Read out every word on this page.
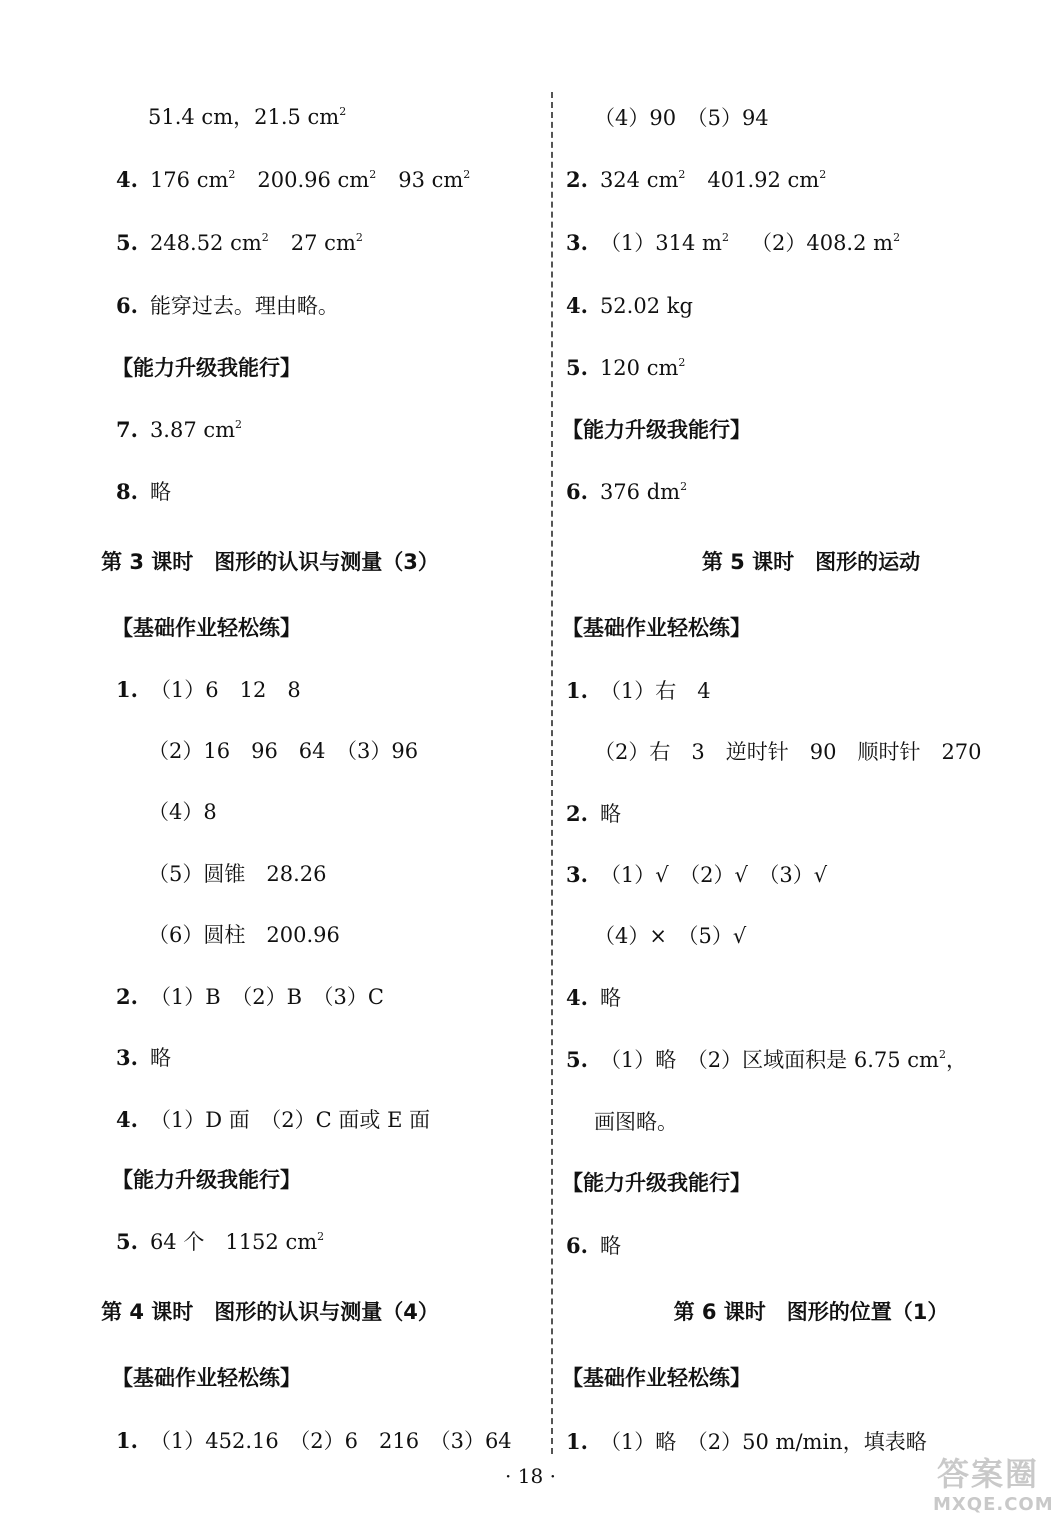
51.4 cm，21.5 $cm^2$
4. 176 $cm^2$ 200.96 $cm^2$ 93 $cm^2$
5. 248.52 $cm^2$ 27 $cm^2$
6. 能穿过去。理由略。
【能力升级我能行】
7. 3.87 $cm^2$
8. 略
第 3 课时　图形的认识与测量（3）
【基础作业轻松练】
1. （1）6　12　8
（2）16　96　64　（3）96
（4）8
（5）圆锥　28.26
（6）圆柱　200.96
2. （1）B　（2）B　（3）C
3. 略
4. （1）D 面　（2）C 面或 E 面
【能力升级我能行】
5. 64 个　1152 $cm^2$
第 4 课时　图形的认识与测量（4）
【基础作业轻松练】
1. （1）452.16　（2）6　216　（3）64
（4）90　（5）94
2. 324 $cm^2$ 401.92 $cm^2$
3. （1）314 $m^2$ （2）408.2 $m^2$
4. 52.02 kg
5. 120 $cm^2$
【能力升级我能行】
6. 376 $dm^2$
第 5 课时　图形的运动
【基础作业轻松练】
1. （1）右　4
（2）右　3　逆时针　90　顺时针　270
2. 略
3. （1）√　（2）√　（3）√
（4）×　（5）√
4. 略
5. （1）略　（2）区域面积是 6.75 $cm^2$，
画图略。
【能力升级我能行】
6. 略
第 6 课时　图形的位置（1）
【基础作业轻松练】
1. （1）略　（2）50 m/min，填表略
· 18 ·	答案圈
MXQE.COM
